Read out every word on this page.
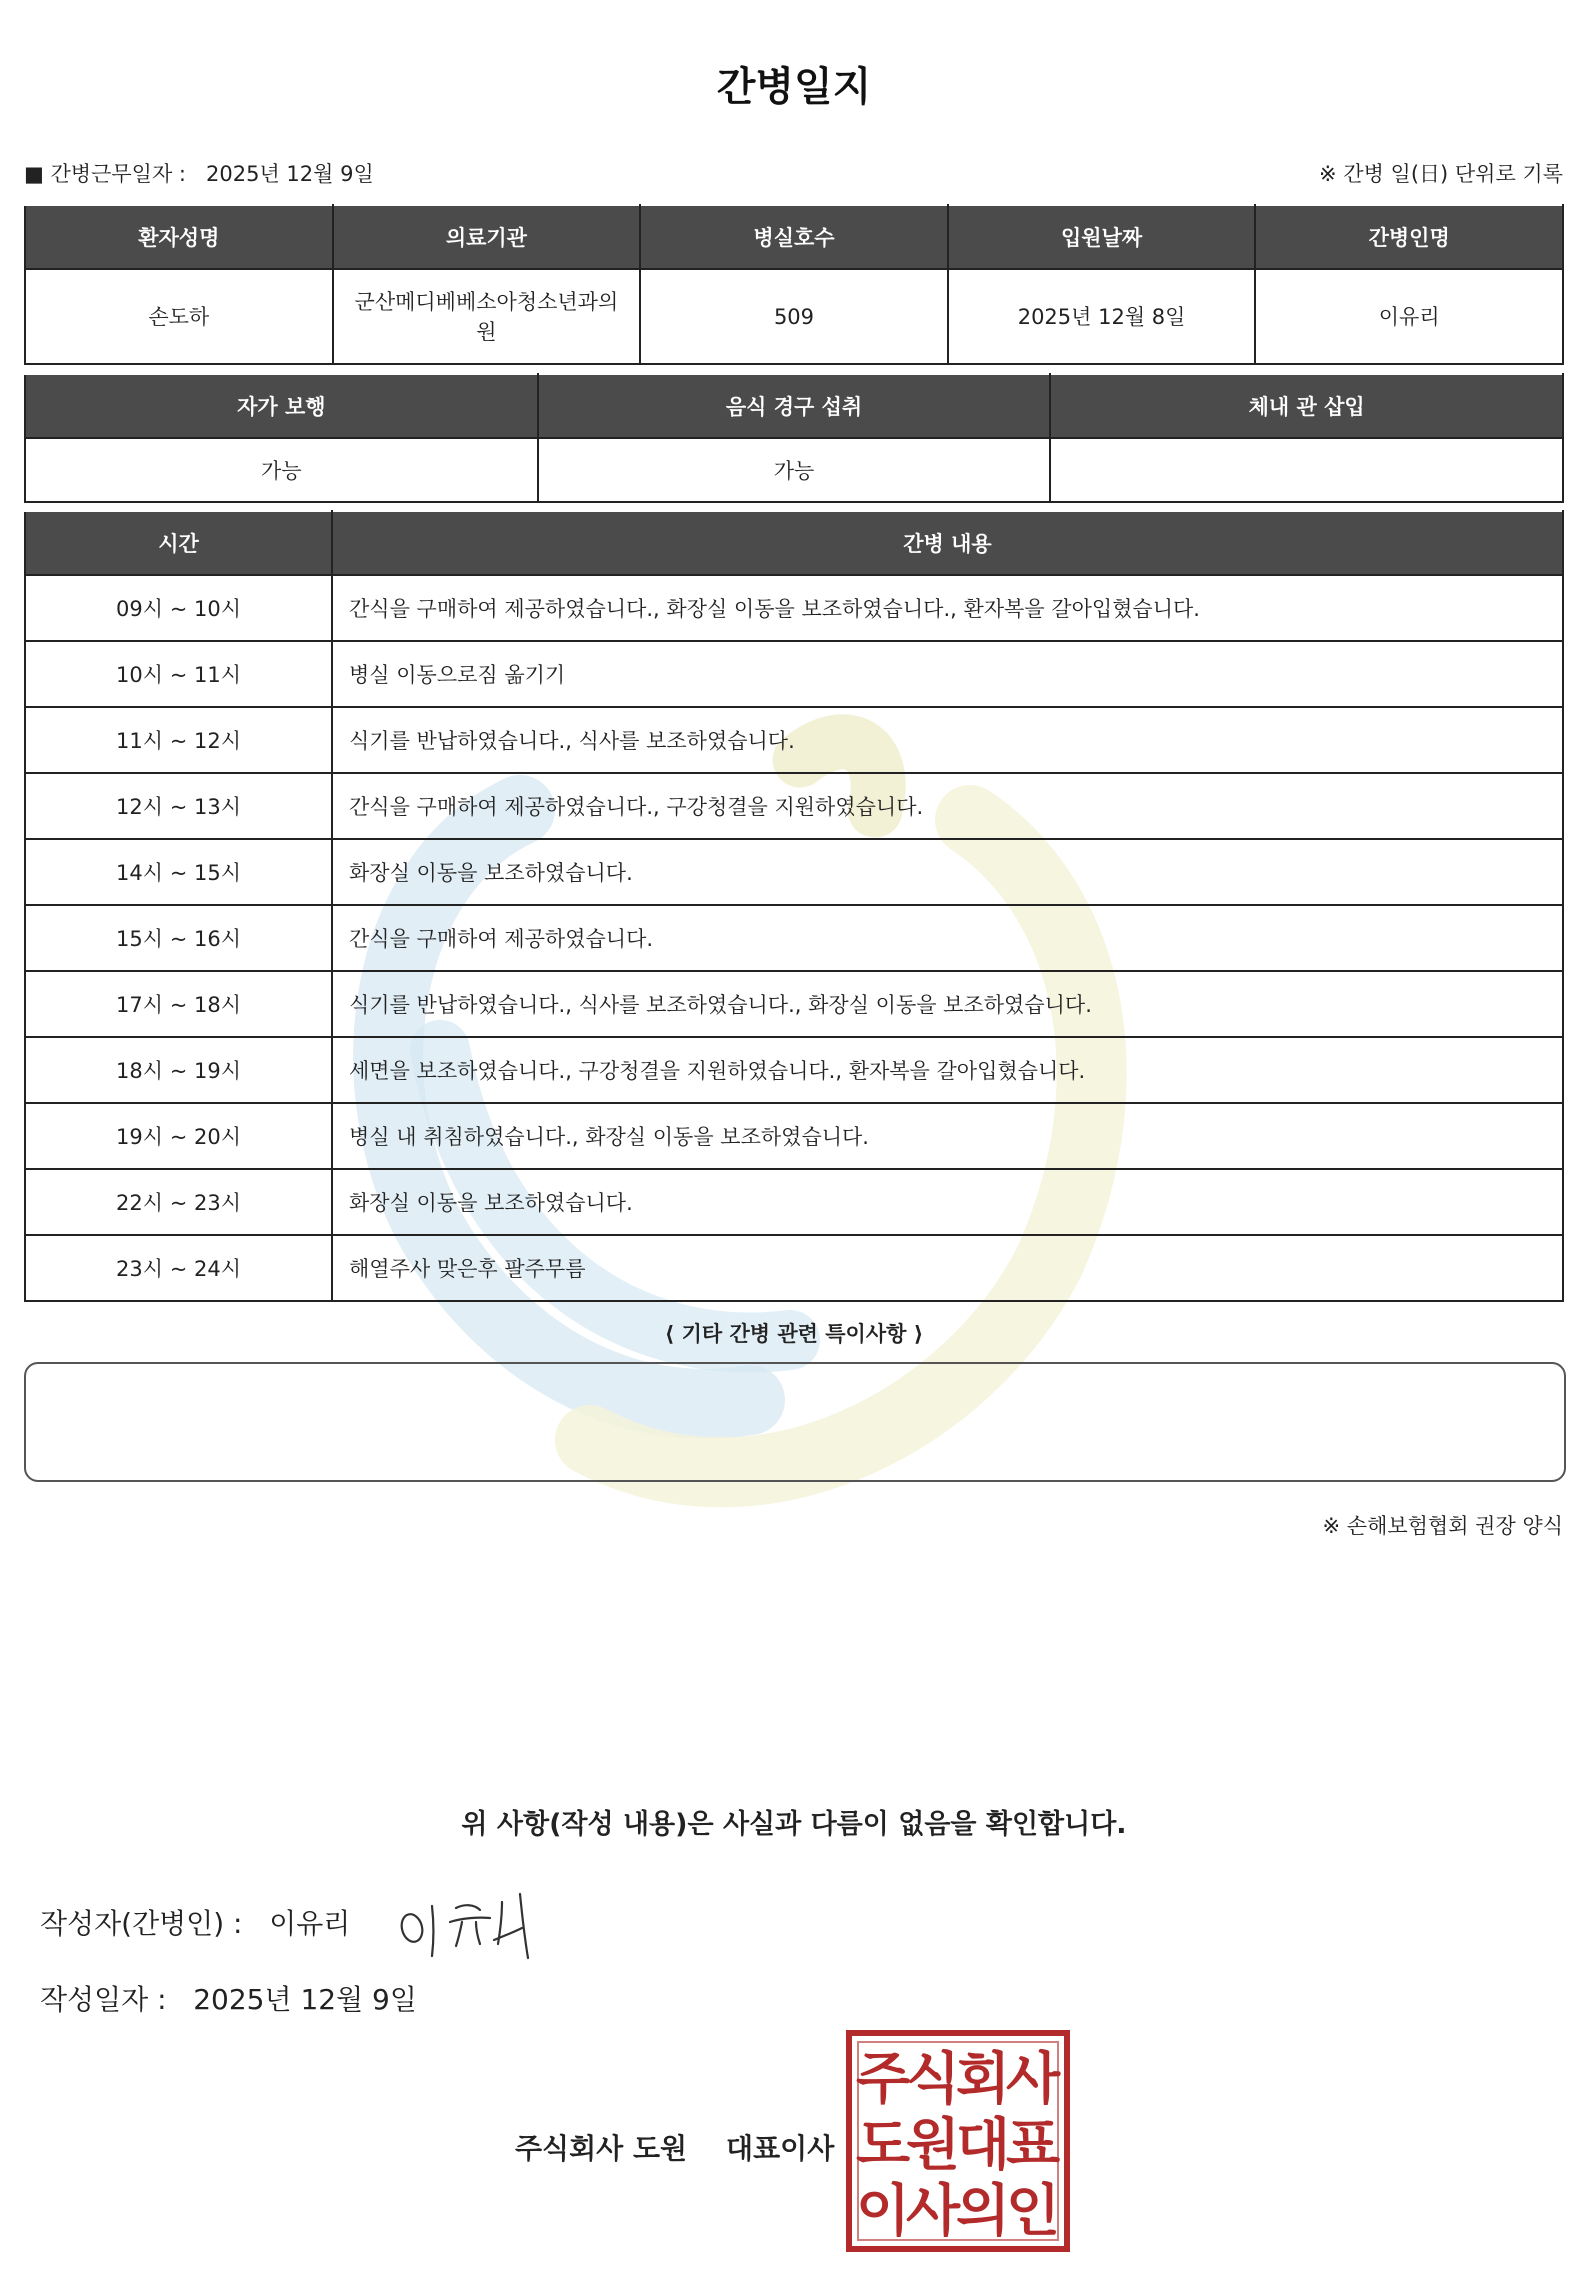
간병일지
■ 간병근무일자 : 2025년 12월 9일	※ 간병 일(日) 단위로 기록
환자성명	의료기관	병실호수	입원날짜	간병인명
손도하	군산메디베베소아청소년과의원	509	2025년 12월 8일	이유리
자가 보행	음식 경구 섭취	체내 관 삽입
가능	가능	
시간	간병 내용
09시 ~ 10시	간식을 구매하여 제공하였습니다., 화장실 이동을 보조하였습니다., 환자복을 갈아입혔습니다.
10시 ~ 11시	병실 이동으로짐 옮기기
11시 ~ 12시	식기를 반납하였습니다., 식사를 보조하였습니다.
12시 ~ 13시	간식을 구매하여 제공하였습니다., 구강청결을 지원하였습니다.
14시 ~ 15시	화장실 이동을 보조하였습니다.
15시 ~ 16시	간식을 구매하여 제공하였습니다.
17시 ~ 18시	식기를 반납하였습니다., 식사를 보조하였습니다., 화장실 이동을 보조하였습니다.
18시 ~ 19시	세면을 보조하였습니다., 구강청결을 지원하였습니다., 환자복을 갈아입혔습니다.
19시 ~ 20시	병실 내 취침하였습니다., 화장실 이동을 보조하였습니다.
22시 ~ 23시	화장실 이동을 보조하였습니다.
23시 ~ 24시	해열주사 맞은후 팔주무름
⟨ 기타 간병 관련 특이사항 ⟩
※ 손해보험협회 권장 양식
위 사항(작성 내용)은 사실과 다름이 없음을 확인합니다.
작성자(간병인) : 이유리
작성일자 : 2025년 12월 9일
주식회사 도원 대표이사
주
식
회
사
도
원
대
표
이
사
의
인
